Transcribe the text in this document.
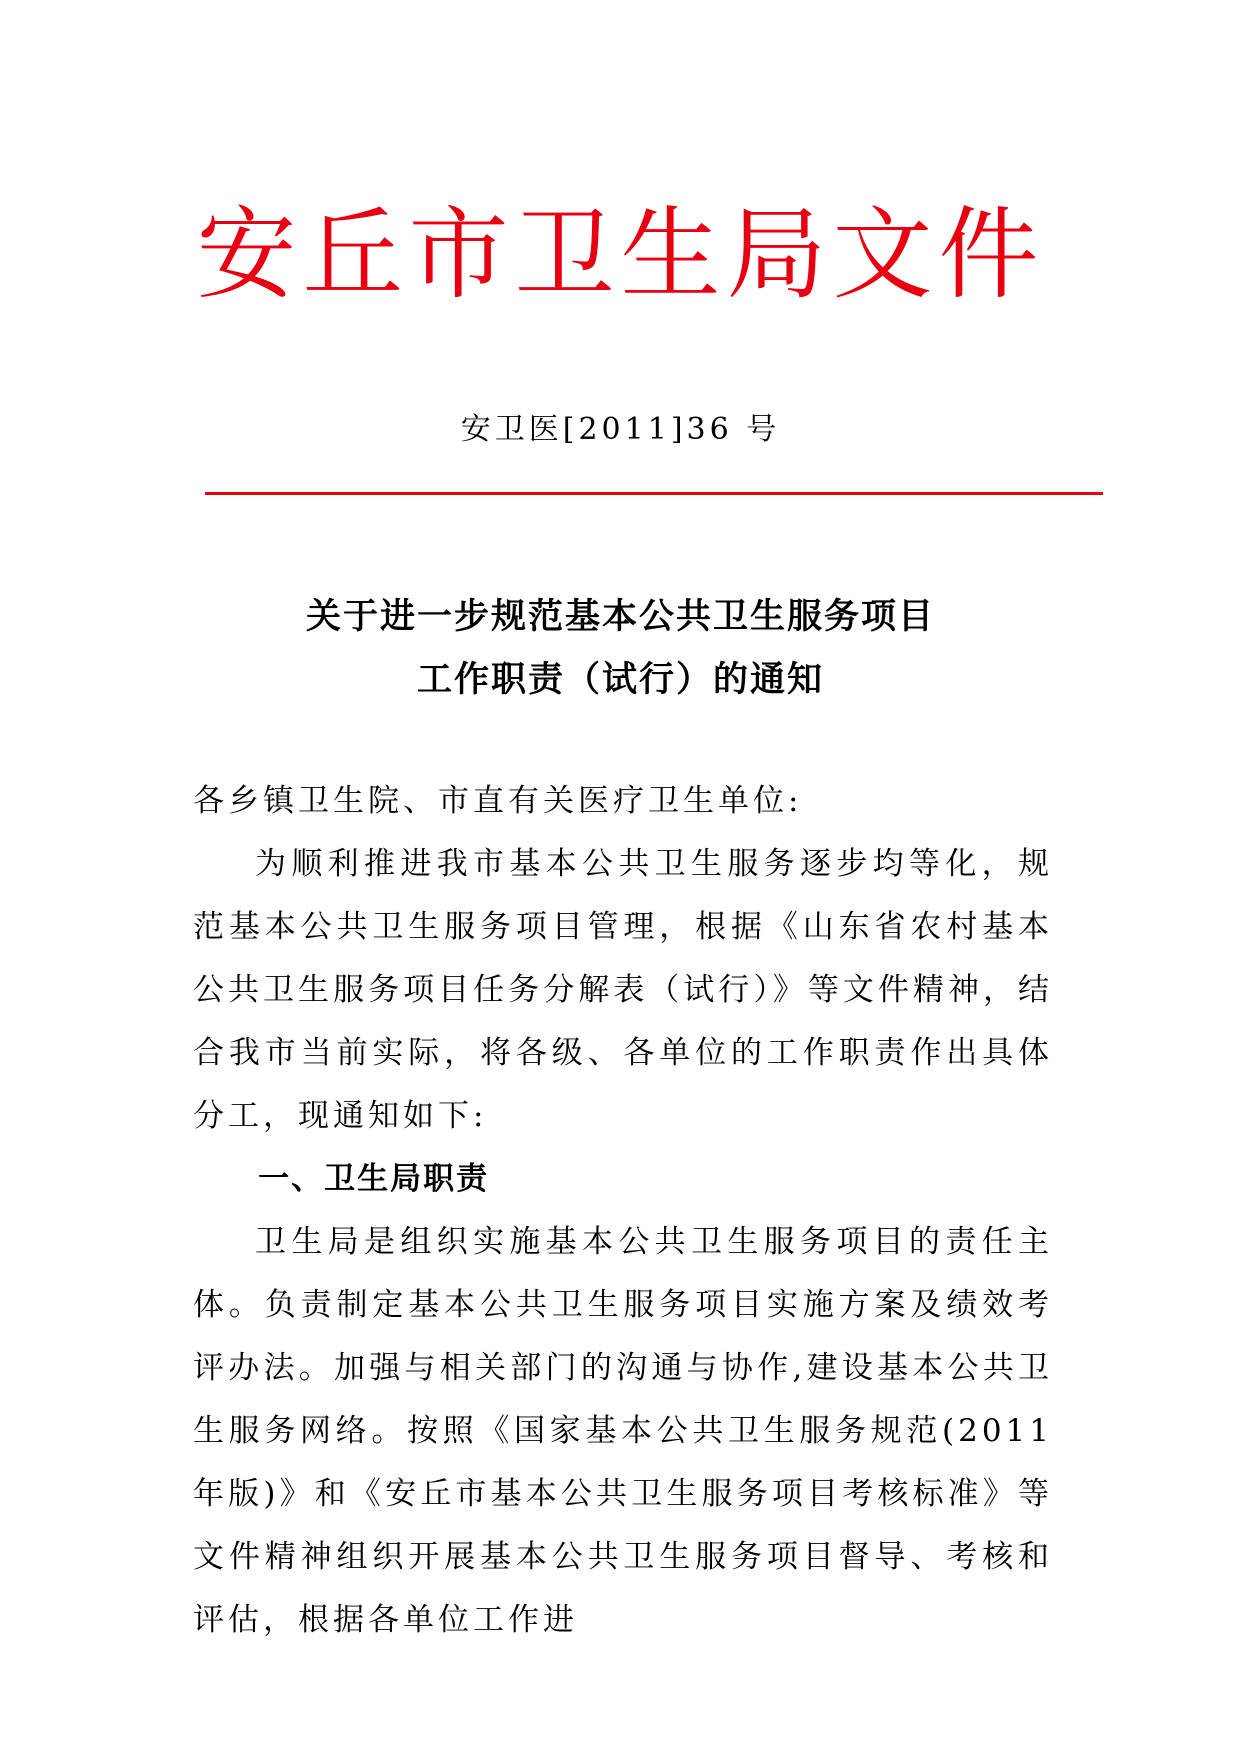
安丘市卫生局文件
安卫医[2011]36 号
关于进一步规范基本公共卫生服务项目
工作职责（试行）的通知

各乡镇卫生院、市直有关医疗卫生单位:

为顺利推进我市基本公共卫生服务逐步均等化，规范基本公共卫生服务项目管理，根据《山东省农村基本公共卫生服务项目任务分解表（试行）》等文件精神，结合我市当前实际，将各级、各单位的工作职责作出具体分工，现通知如下:

一、卫生局职责

卫生局是组织实施基本公共卫生服务项目的责任主体。负责制定基本公共卫生服务项目实施方案及绩效考评办法。加强与相关部门的沟通与协作,建设基本公共卫生服务网络。按照《国家基本公共卫生服务规范(2011 年版)》和《安丘市基本公共卫生服务项目考核标准》等文件精神组织开展基本公共卫生服务项目督导、考核和评估，根据各单位工作进
